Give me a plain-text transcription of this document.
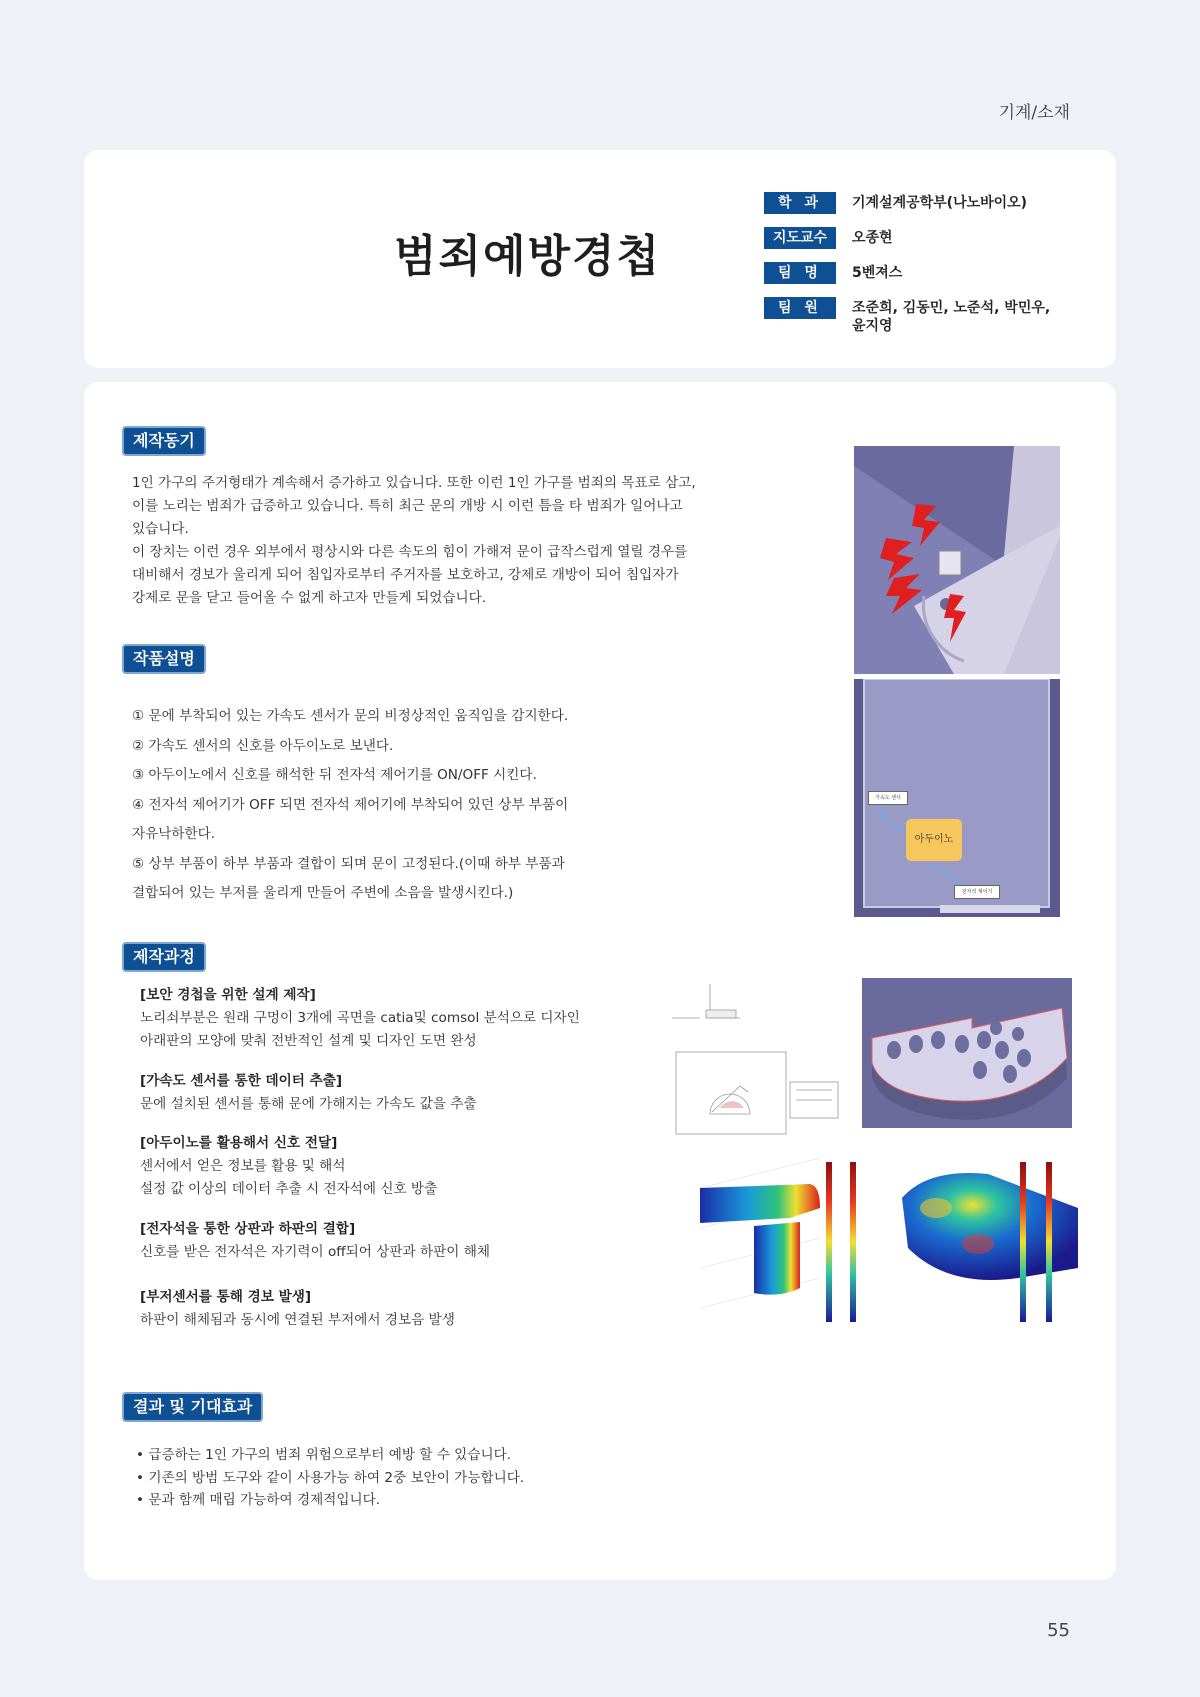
기계/소재
범죄예방경첩
학 과	기계설계공학부(나노바이오)
지도교수	오종현
팀 명	5벤져스
팀 원	조준희, 김동민, 노준석, 박민우, 윤지영
제작동기

1인 가구의 주거형태가 계속해서 증가하고 있습니다. 또한 이런 1인 가구를 범죄의 목표로 삼고,

이를 노리는 범죄가 급증하고 있습니다. 특히 최근 문의 개방 시 이런 틈을 타 범죄가 일어나고

있습니다.

이 장치는 이런 경우 외부에서 평상시와 다른 속도의 힘이 가해져 문이 급작스럽게 열릴 경우를

대비해서 경보가 울리게 되어 침입자로부터 주거자를 보호하고, 강제로 개방이 되어 침입자가

강제로 문을 닫고 들어올 수 없게 하고자 만들게 되었습니다.

작품설명
① 문에 부착되어 있는 가속도 센서가 문의 비정상적인 움직임을 감지한다.
② 가속도 센서의 신호를 아두이노로 보낸다.
③ 아두이노에서 신호를 해석한 뒤 전자석 제어기를 ON/OFF 시킨다.
④ 전자석 제어기가 OFF 되면 전자석 제어기에 부착되어 있던 상부 부품이
자유낙하한다.
⑤ 상부 부품이 하부 부품과 결합이 되며 문이 고정된다.(이때 하부 부품과
결합되어 있는 부저를 울리게 만들어 주변에 소음을 발생시킨다.)
가속도 센서
아두이노
전자석 제어기
제작과정
[보안 경첩을 위한 설계 제작]
노리쇠부분은 원래 구멍이 3개에 곡면을 catia및 comsol 분석으로 디자인
아래판의 모양에 맞춰 전반적인 설계 및 디자인 도면 완성
[가속도 센서를 통한 데이터 추출]
문에 설치된 센서를 통해 문에 가해지는 가속도 값을 추출
[아두이노를 활용해서 신호 전달]
센서에서 얻은 정보를 활용 및 해석
설정 값 이상의 데이터 추출 시 전자석에 신호 방출
[전자석을 통한 상판과 하판의 결합]
신호를 받은 전자석은 자기력이 off되어 상판과 하판이 해체
[부저센서를 통해 경보 발생]
하판이 해체됨과 동시에 연결된 부저에서 경보음 발생
결과 및 기대효과
• 급증하는 1인 가구의 범죄 위험으로부터 예방 할 수 있습니다.
• 기존의 방범 도구와 같이 사용가능 하여 2중 보안이 가능합니다.
• 문과 함께 매립 가능하여 경제적입니다.
55
